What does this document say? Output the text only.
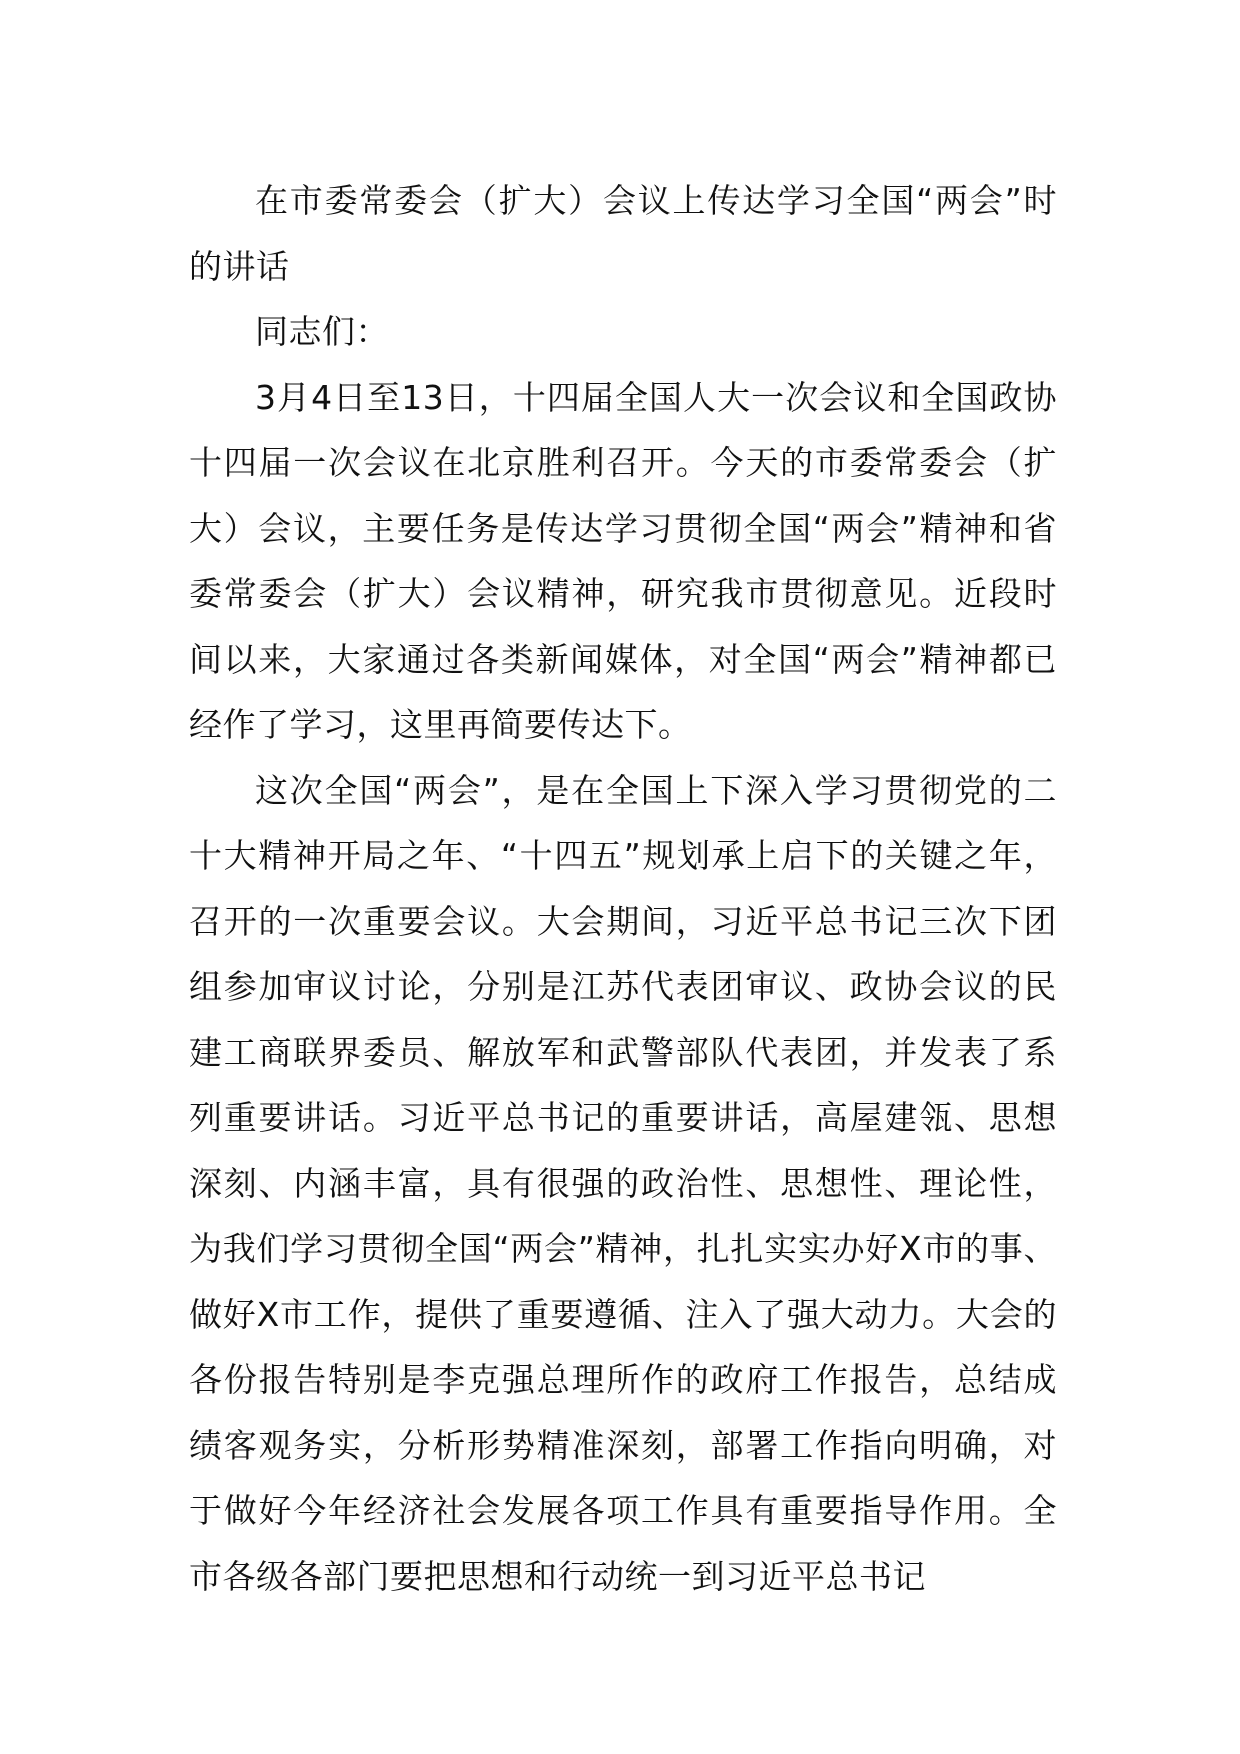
在市委常委会（扩大）会议上传达学习全国“两会”时的讲话

同志们：

3月4日至13日，十四届全国人大一次会议和全国政协十四届一次会议在北京胜利召开。今天的市委常委会（扩大）会议，主要任务是传达学习贯彻全国“两会”精神和省委常委会（扩大）会议精神，研究我市贯彻意见。近段时间以来，大家通过各类新闻媒体，对全国“两会”精神都已经作了学习，这里再简要传达下。

这次全国“两会”，是在全国上下深入学习贯彻党的二十大精神开局之年、“十四五”规划承上启下的关键之年，召开的一次重要会议。大会期间，习近平总书记三次下团组参加审议讨论，分别是江苏代表团审议、政协会议的民建工商联界委员、解放军和武警部队代表团，并发表了系列重要讲话。习近平总书记的重要讲话，高屋建瓴、思想深刻、内涵丰富，具有很强的政治性、思想性、理论性，为我们学习贯彻全国“两会”精神，扎扎实实办好X市的事、做好X市工作，提供了重要遵循、注入了强大动力。大会的各份报告特别是李克强总理所作的政府工作报告，总结成绩客观务实，分析形势精准深刻，部署工作指向明确，对于做好今年经济社会发展各项工作具有重要指导作用。全市各级各部门要把思想和行动统一到习近平总书记
